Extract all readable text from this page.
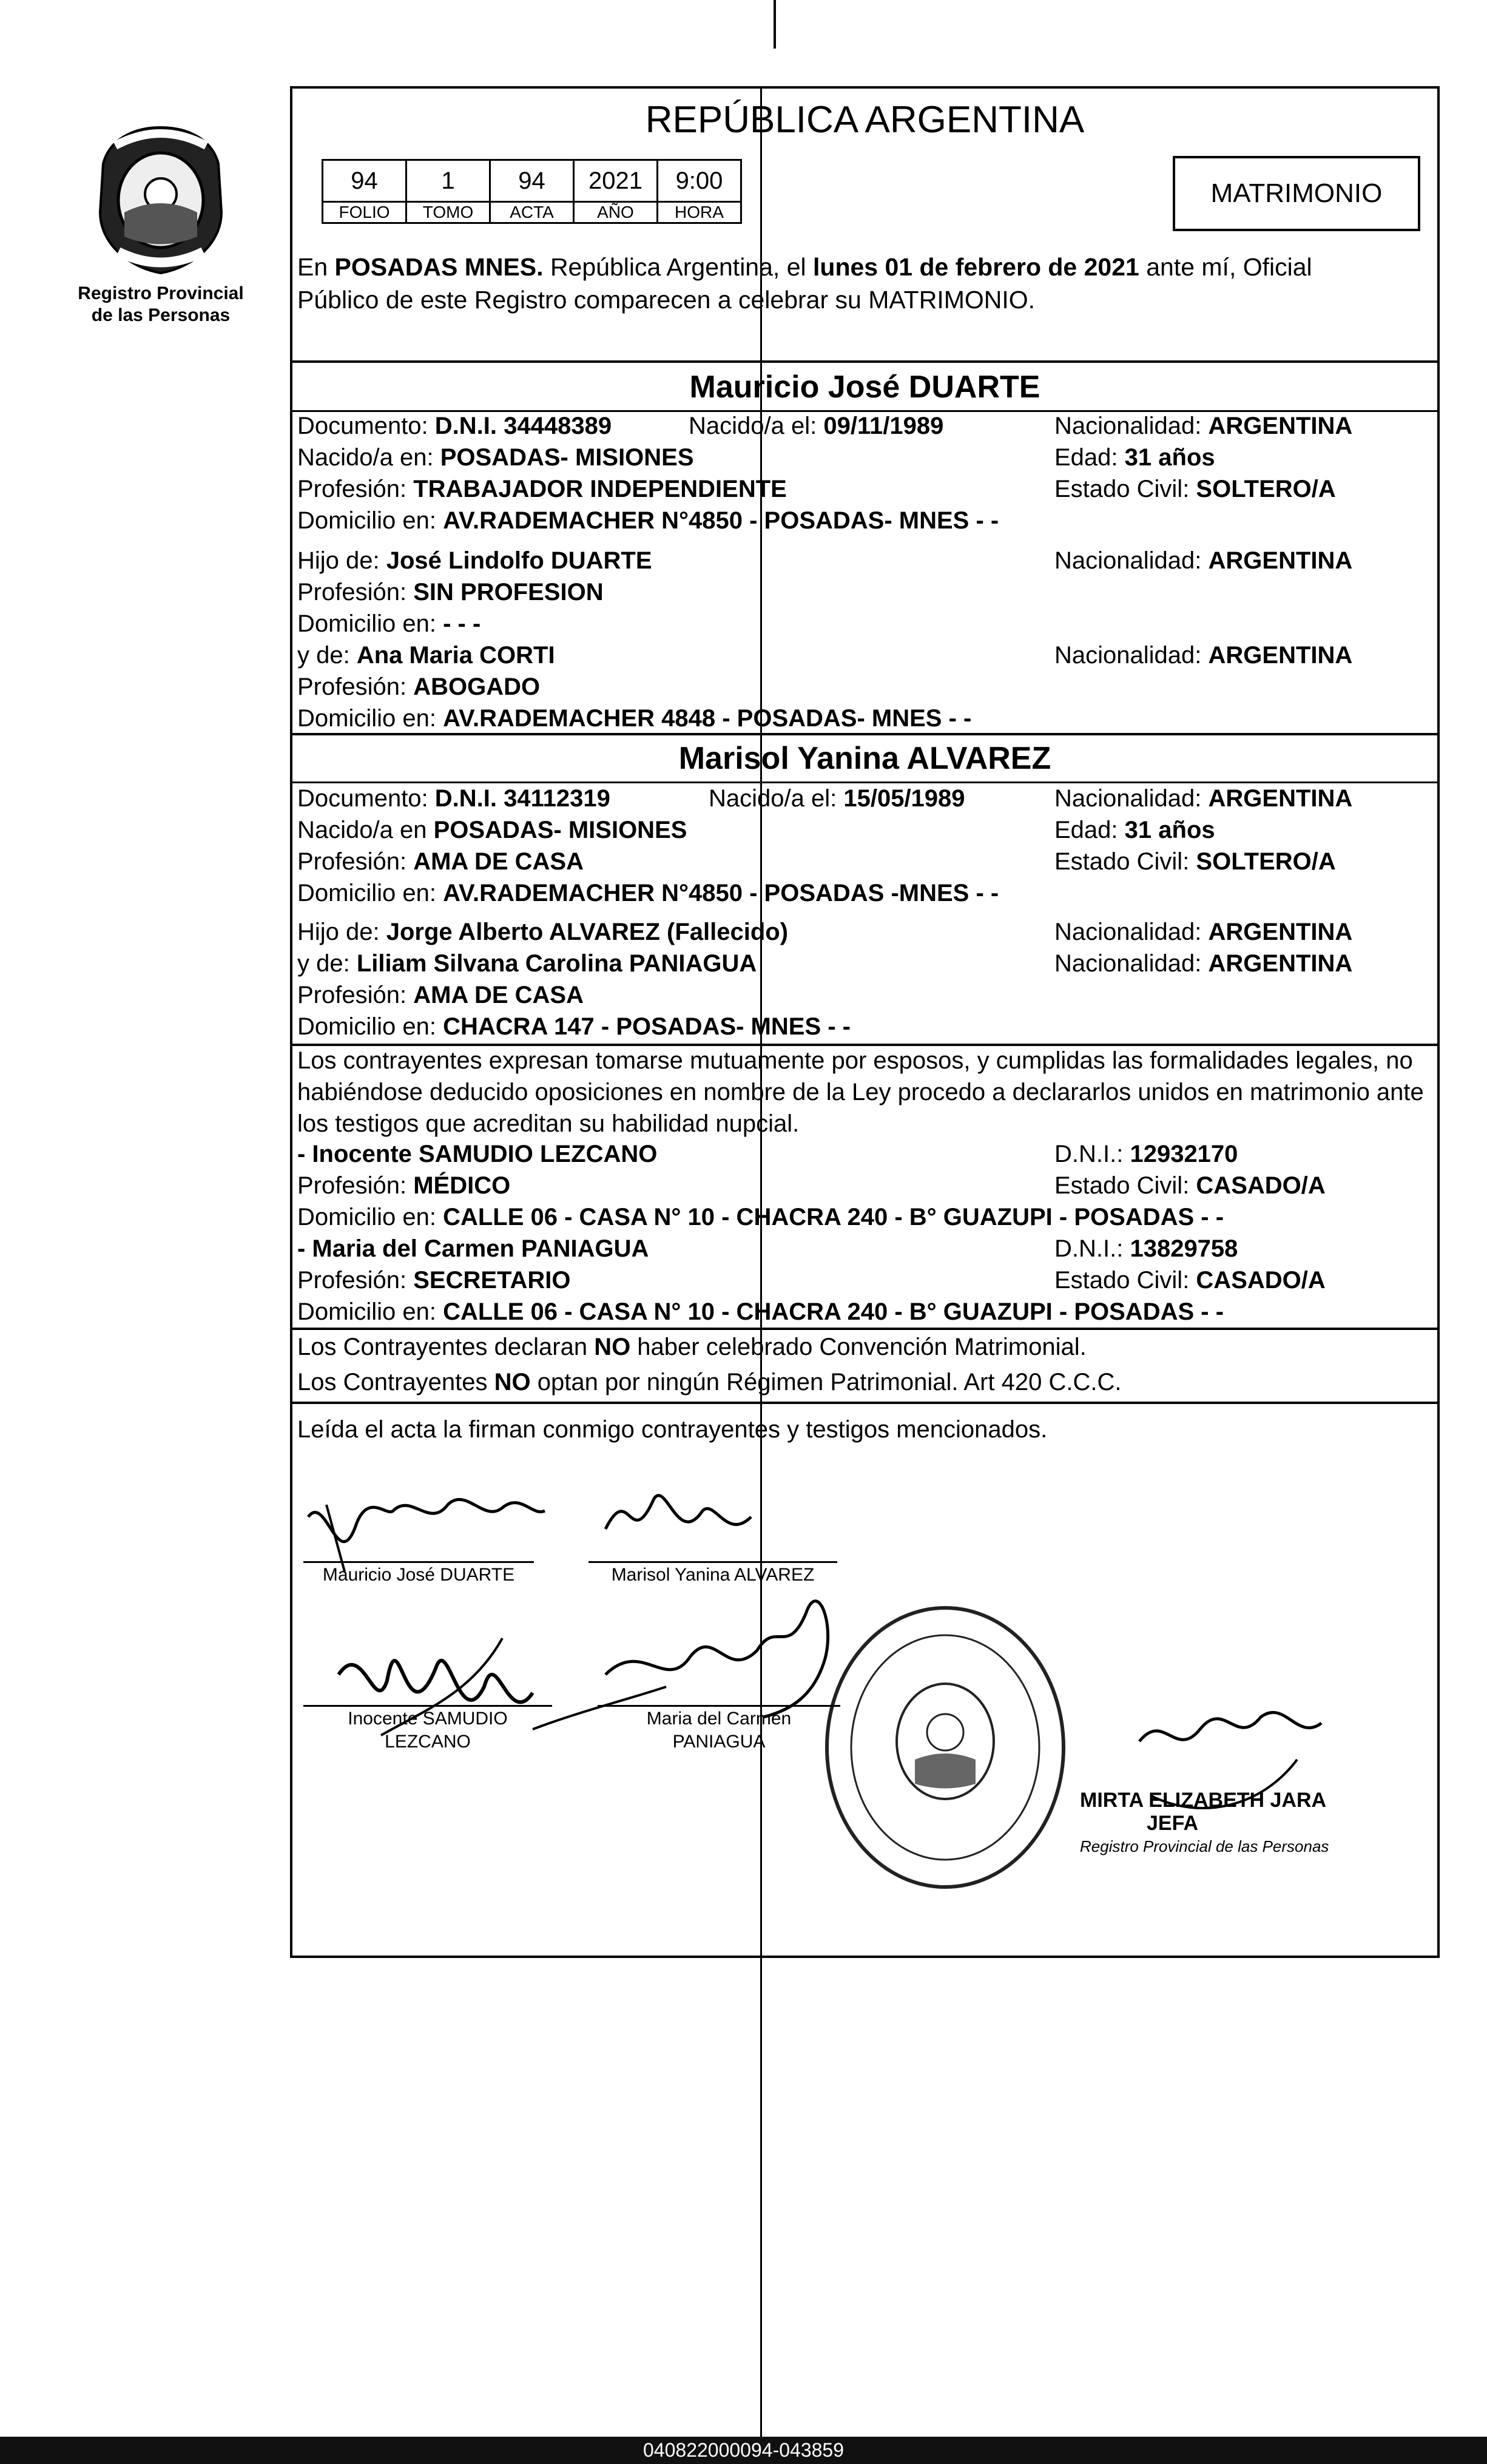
Registro Provincial
de las Personas
REPÚBLICA ARGENTINA
94	1	94	2021	9:00
FOLIO	TOMO	ACTA	AÑO	HORA
MATRIMONIO
En POSADAS MNES. República Argentina, el lunes 01 de febrero de 2021 ante mí, Oficial
Público de este Registro comparecen a celebrar su MATRIMONIO.
Mauricio José DUARTE
Documento: D.N.I. 34448389	Nacido/a el: 09/11/1989	Nacionalidad: ARGENTINA
Nacido/a en: POSADAS- MISIONES	Edad: 31 años
Profesión: TRABAJADOR INDEPENDIENTE	Estado Civil: SOLTERO/A
Domicilio en: AV.RADEMACHER N°4850 - POSADAS- MNES - -
Hijo de: José Lindolfo DUARTE	Nacionalidad: ARGENTINA
Profesión: SIN PROFESION
Domicilio en: - - -
y de: Ana Maria CORTI	Nacionalidad: ARGENTINA
Profesión: ABOGADO
Domicilio en: AV.RADEMACHER 4848 - POSADAS- MNES - -
Marisol Yanina ALVAREZ
Documento: D.N.I. 34112319	Nacido/a el: 15/05/1989	Nacionalidad: ARGENTINA
Nacido/a en POSADAS- MISIONES	Edad: 31 años
Profesión: AMA DE CASA	Estado Civil: SOLTERO/A
Domicilio en: AV.RADEMACHER N°4850 - POSADAS -MNES - -
Hijo de: Jorge Alberto ALVAREZ (Fallecido)	Nacionalidad: ARGENTINA
y de: Liliam Silvana Carolina PANIAGUA	Nacionalidad: ARGENTINA
Profesión: AMA DE CASA
Domicilio en: CHACRA 147 - POSADAS- MNES - -
Los contrayentes expresan tomarse mutuamente por esposos, y cumplidas las formalidades legales, no
habiéndose deducido oposiciones en nombre de la Ley procedo a declararlos unidos en matrimonio ante
los testigos que acreditan su habilidad nupcial.
- Inocente SAMUDIO LEZCANO	D.N.I.: 12932170
Profesión: MÉDICO	Estado Civil: CASADO/A
Domicilio en: CALLE 06 - CASA N° 10 - CHACRA 240 - B° GUAZUPI - POSADAS - -
- Maria del Carmen PANIAGUA	D.N.I.: 13829758
Profesión: SECRETARIO	Estado Civil: CASADO/A
Domicilio en: CALLE 06 - CASA N° 10 - CHACRA 240 - B° GUAZUPI - POSADAS - -
Los Contrayentes declaran NO haber celebrado Convención Matrimonial.
Los Contrayentes NO optan por ningún Régimen Patrimonial. Art 420 C.C.C.
Leída el acta la firman conmigo contrayentes y testigos mencionados.
Mauricio José DUARTE	Marisol Yanina ALVAREZ
Inocente SAMUDIO
LEZCANO
Maria del Carmen
PANIAGUA
MIRTA ELIZABETH JARA
JEFA
Registro Provincial de las Personas
040822000094-043859
